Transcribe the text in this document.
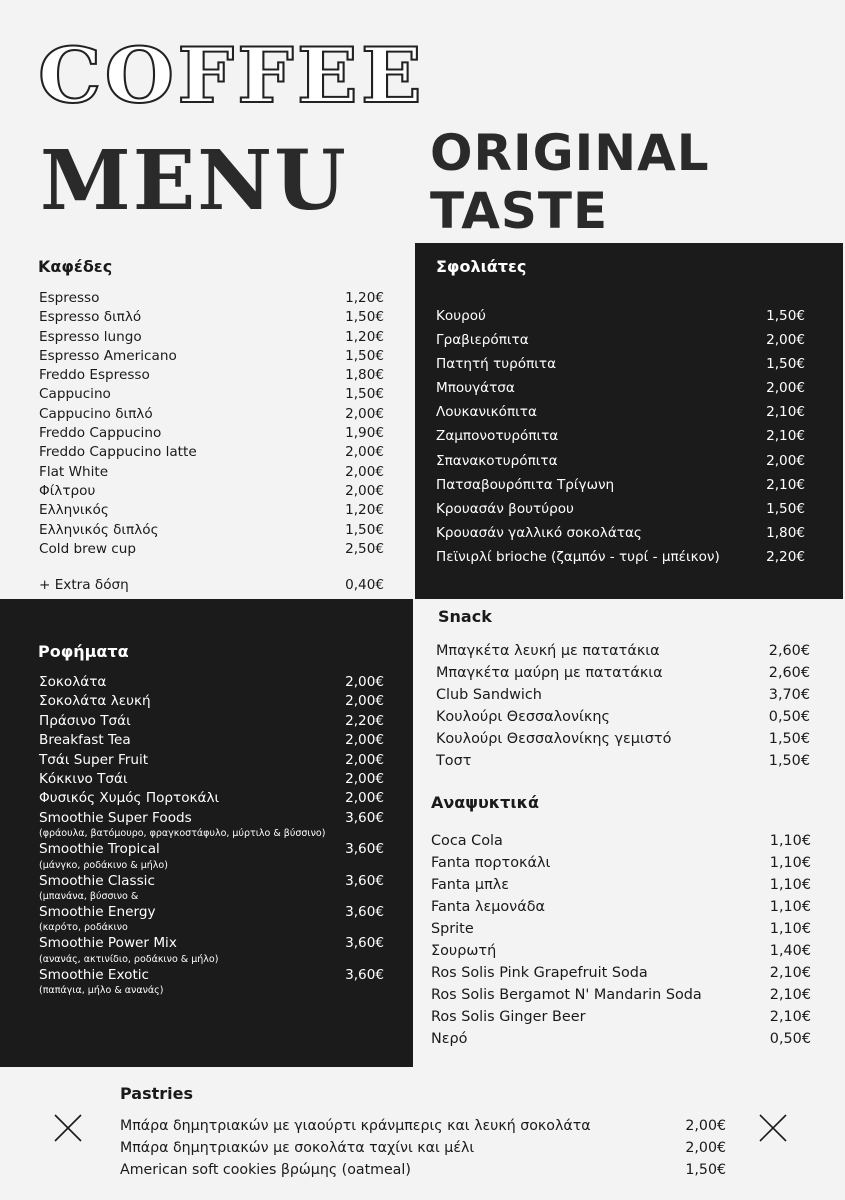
COFFEE
MENU ORIGINAL
TASTE
Καφέδες
Espresso	1,20€
Espresso διπλό	1,50€
Espresso lungo	1,20€
Espresso Americano	1,50€
Freddo Espresso	1,80€
Cappucino	1,50€
Cappucino διπλό	2,00€
Freddo Cappucino	1,90€
Freddo Cappucino latte	2,00€
Flat White	2,00€
Φίλτρου	2,00€
Ελληνικός	1,20€
Ελληνικός διπλός	1,50€
Cold brew cup	2,50€
+ Extra δόση	0,40€
Σφολιάτες
Κουρού	1,50€
Γραβιερόπιτα	2,00€
Πατητή τυρόπιτα	1,50€
Μπουγάτσα	2,00€
Λουκανικόπιτα	2,10€
Ζαμπονοτυρόπιτα	2,10€
Σπανακοτυρόπιτα	2,00€
Πατσαβουρόπιτα Τρίγωνη	2,10€
Κρουασάν βουτύρου	1,50€
Κρουασάν γαλλικό σοκολάτας	1,80€
Πεϊνιρλί brioche (ζαμπόν - τυρί - μπέικον)	2,20€
Ροφήματα
Σοκολάτα	2,00€
Σοκολάτα λευκή	2,00€
Πράσινο Τσάι	2,20€
Breakfast Tea	2,00€
Τσάι Super Fruit	2,00€
Κόκκινο Τσάι	2,00€
Φυσικός Χυμός Πορτοκάλι	2,00€
Smoothie Super Foods	3,60€
(φράουλα, βατόμουρο, φραγκοστάφυλο, μύρτιλο & βύσσινο)
Smoothie Tropical	3,60€
(μάνγκο, ροδάκινο & μήλο)
Smoothie Classic	3,60€
(μπανάνα, βύσσινο &
Smoothie Energy	3,60€
(καρότο, ροδάκινο
Smoothie Power Mix	3,60€
(ανανάς, ακτινίδιο, ροδάκινο & μήλο)
Smoothie Exotic	3,60€
(παπάγια, μήλο & ανανάς)
Snack
Μπαγκέτα λευκή με πατατάκια	2,60€
Μπαγκέτα μαύρη με πατατάκια	2,60€
Club Sandwich	3,70€
Κουλούρι Θεσσαλονίκης	0,50€
Κουλούρι Θεσσαλονίκης γεμιστό	1,50€
Τοστ	1,50€
Αναψυκτικά
Coca Cola	1,10€
Fanta πορτοκάλι	1,10€
Fanta μπλε	1,10€
Fanta λεμονάδα	1,10€
Sprite	1,10€
Σουρωτή	1,40€
Ros Solis Pink Grapefruit Soda	2,10€
Ros Solis Bergamot N' Mandarin Soda	2,10€
Ros Solis Ginger Beer	2,10€
Νερό	0,50€
Pastries
Μπάρα δημητριακών με γιαούρτι κράνμπερις και λευκή σοκολάτα	2,00€
Μπάρα δημητριακών με σοκολάτα ταχίνι και μέλι	2,00€
American soft cookies βρώμης (oatmeal)	1,50€
